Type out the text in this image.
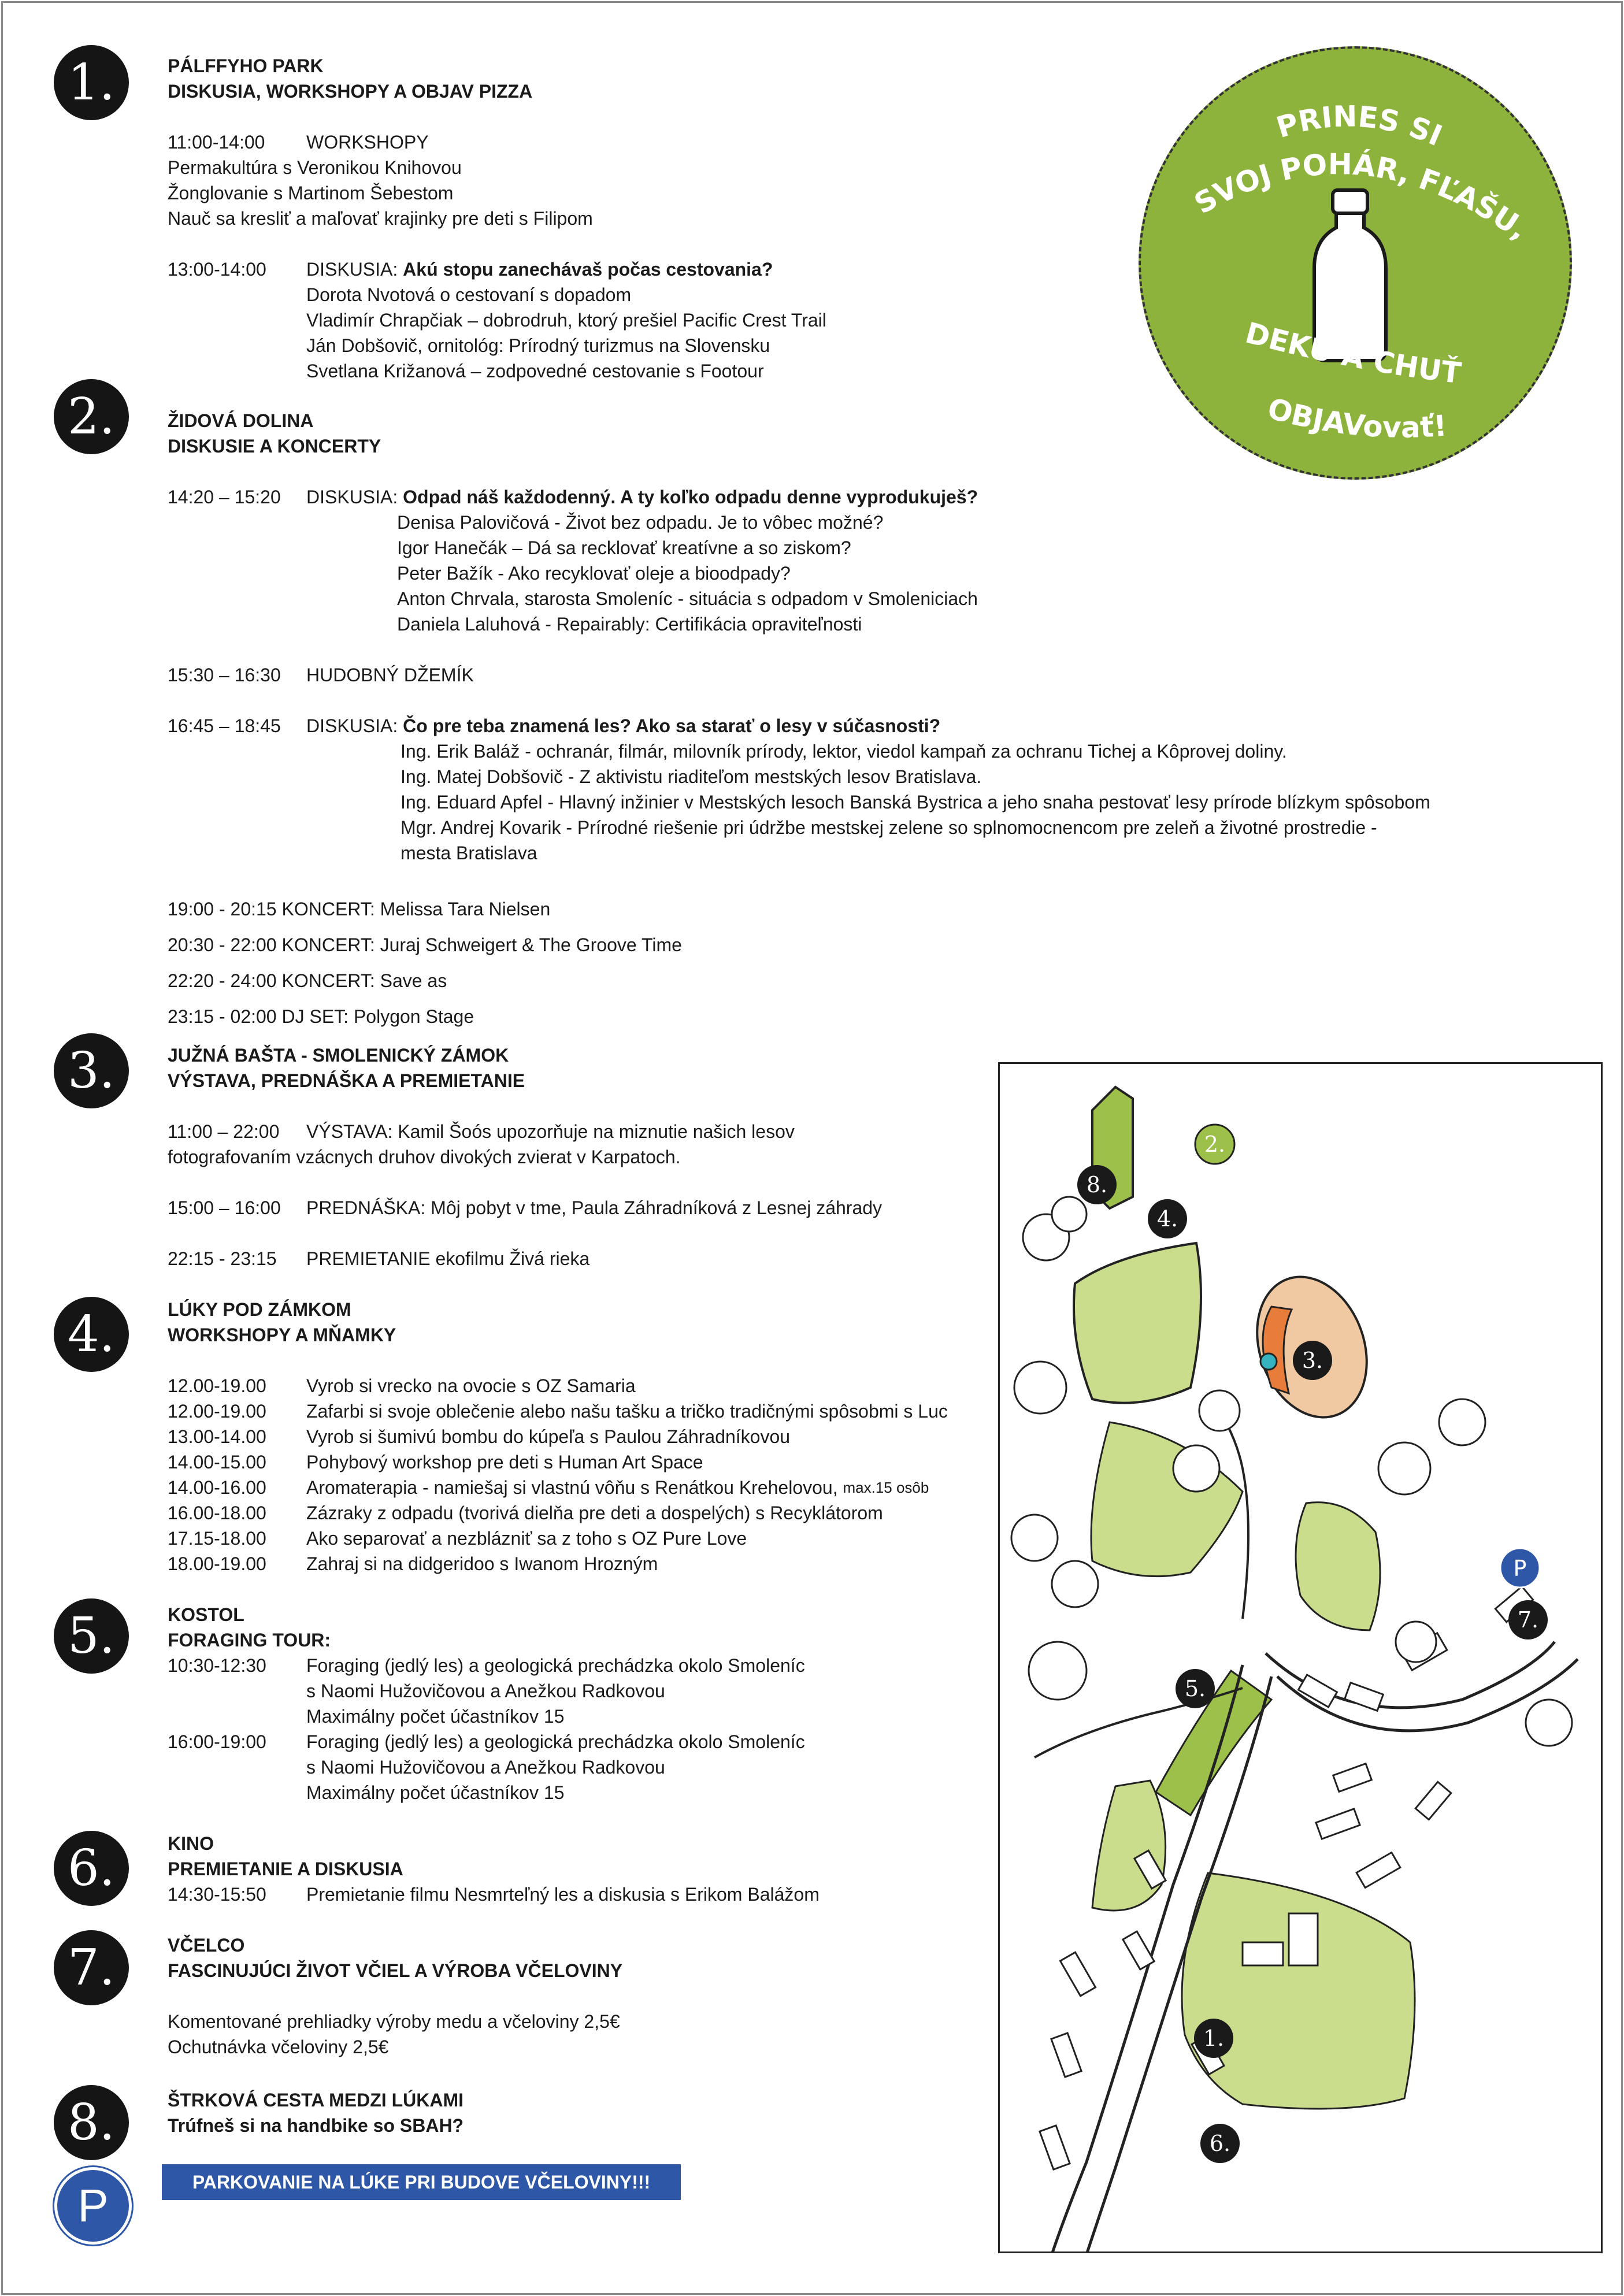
1.	PÁLFFYHO PARK
DISKUSIA, WORKSHOPY A OBJAV PIZZA
11:00-14:00	WORKSHOPY
Permakultúra s Veronikou Knihovou
Žonglovanie s Martinom Šebestom
Nauč sa kresliť a maľovať krajinky pre deti s Filipom
13:00-14:00	DISKUSIA: Akú stopu zanechávaš počas cestovania?
Dorota Nvotová o cestovaní s dopadom
Vladimír Chrapčiak – dobrodruh, ktorý prešiel Pacific Crest Trail
Ján Dobšovič, ornitológ: Prírodný turizmus na Slovensku
Svetlana Križanová – zodpovedné cestovanie s Footour
2.	ŽIDOVÁ DOLINA
DISKUSIE A KONCERTY
14:20 – 15:20	DISKUSIA: Odpad náš každodenný. A ty koľko odpadu denne vyprodukuješ?
Denisa Palovičová - Život bez odpadu. Je to vôbec možné?
Igor Hanečák – Dá sa recklovať kreatívne a so ziskom?
Peter Bažík - Ako recyklovať oleje a bioodpady?
Anton Chrvala, starosta Smoleníc - situácia s odpadom v Smoleniciach
Daniela Laluhová - Repairably: Certifikácia opraviteľnosti
15:30 – 16:30	HUDOBNÝ DŽEMÍK
16:45 – 18:45	DISKUSIA: Čo pre teba znamená les? Ako sa starať o lesy v súčasnosti?
Ing. Erik Baláž - ochranár, filmár, milovník prírody, lektor, viedol kampaň za ochranu Tichej a Kôprovej doliny.
Ing. Matej Dobšovič - Z aktivistu riaditeľom mestských lesov Bratislava.
Ing. Eduard Apfel - Hlavný inžinier v Mestských lesoch Banská Bystrica a jeho snaha pestovať lesy prírode blízkym spôsobom
Mgr. Andrej Kovarik - Prírodné riešenie pri údržbe mestskej zelene so splnomocnencom pre zeleň a životné prostredie -
mesta Bratislava
19:00 - 20:15 KONCERT: Melissa Tara Nielsen
20:30 - 22:00 KONCERT: Juraj Schweigert & The Groove Time
22:20 - 24:00 KONCERT: Save as
23:15 - 02:00 DJ SET: Polygon Stage
3.	JUŽNÁ BAŠTA - SMOLENICKÝ ZÁMOK
VÝSTAVA, PREDNÁŠKA A PREMIETANIE
11:00 – 22:00	VÝSTAVA: Kamil Šoós upozorňuje na miznutie našich lesov
fotografovaním vzácnych druhov divokých zvierat v Karpatoch.
15:00 – 16:00	PREDNÁŠKA: Môj pobyt v tme, Paula Záhradníková z Lesnej záhrady
22:15 - 23:15	PREMIETANIE ekofilmu Živá rieka
4.	LÚKY POD ZÁMKOM
WORKSHOPY A MŇAMKY
12.00-19.00	Vyrob si vrecko na ovocie s OZ Samaria
12.00-19.00	Zafarbi si svoje oblečenie alebo našu tašku a tričko tradičnými spôsobmi s Luc
13.00-14.00	Vyrob si šumivú bombu do kúpeľa s Paulou Záhradníkovou
14.00-15.00	Pohybový workshop pre deti s Human Art Space
14.00-16.00	Aromaterapia - namiešaj si vlastnú vôňu s Renátkou Krehelovou, max.15 osôb
16.00-18.00	Zázraky z odpadu (tvorivá dielňa pre deti a dospelých) s Recyklátorom
17.15-18.00	Ako separovať a nezblázniť sa z toho s OZ Pure Love
18.00-19.00	Zahraj si na didgeridoo s Iwanom Hrozným
5.	KOSTOL
FORAGING TOUR:
10:30-12:30	Foraging (jedlý les) a geologická prechádzka okolo Smoleníc
s Naomi Hužovičovou a Anežkou Radkovou
Maximálny počet účastníkov 15
16:00-19:00	Foraging (jedlý les) a geologická prechádzka okolo Smoleníc
s Naomi Hužovičovou a Anežkou Radkovou
Maximálny počet účastníkov 15
6.	KINO
PREMIETANIE A DISKUSIA
14:30-15:50	Premietanie filmu Nesmrteľný les a diskusia s Erikom Balážom
7.	VČELCO
FASCINUJÚCI ŽIVOT VČIEL A VÝROBA VČELOVINY
Komentované prehliadky výroby medu a včeloviny 2,5€
Ochutnávka včeloviny 2,5€
8.	ŠTRKOVÁ CESTA MEDZI LÚKAMI
Trúfneš si na handbike so SBAH?
P	PARKOVANIE NA LÚKE PRI BUDOVE VČELOVINY!!!
PRINES SI
SVOJ POHÁR, FĽAŠU,
DEKU A CHUŤ
OBJAVovať!
1.
2.
3.
4.
5.
6.
7.
8.
P
